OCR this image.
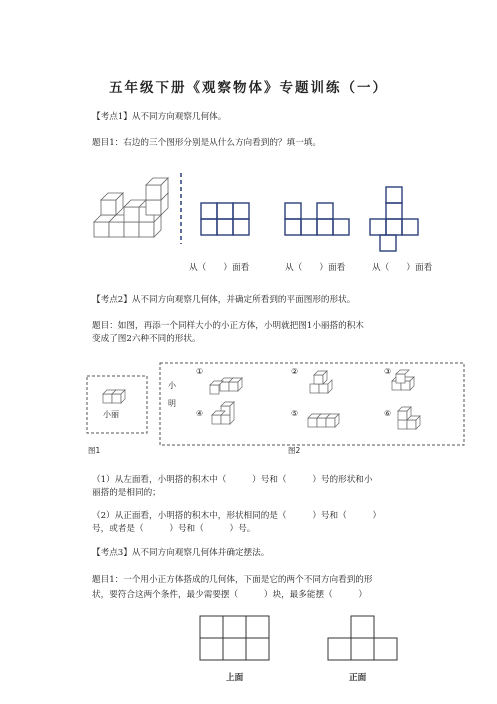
五年级下册《观察物体》专题训练（一）
【考点1】从不同方向观察几何体。
题目1：右边的三个图形分别是从什么方向看到的？填一填。
从（　　）面看	从（　　）面看	从（　　）面看
【考点2】从不同方向观察几何体，并确定所看到的平面图形的形状。
题目：如图，再添一个同样大小的小正方体，小明就把图1小丽搭的积木
变成了图2六种不同的形状。
小丽
小
明
①	②	③
④	⑤	⑥
图1	图2
（1）从左面看，小明搭的积木中（　　　）号和（　　　）号的形状和小
丽搭的是相同的；
（2）从正面看，小明搭的积木中，形状相同的是（　　　）号和（　　　）
号，或者是（　　　）号和（　　　）号。
【考点3】从不同方向观察几何体并确定摆法。
题目1：一个用小正方体搭成的几何体，下面是它的两个不同方向看到的形
状，要符合这两个条件，最少需要摆（　　　）块，最多能摆（　　　）
上面	正面
